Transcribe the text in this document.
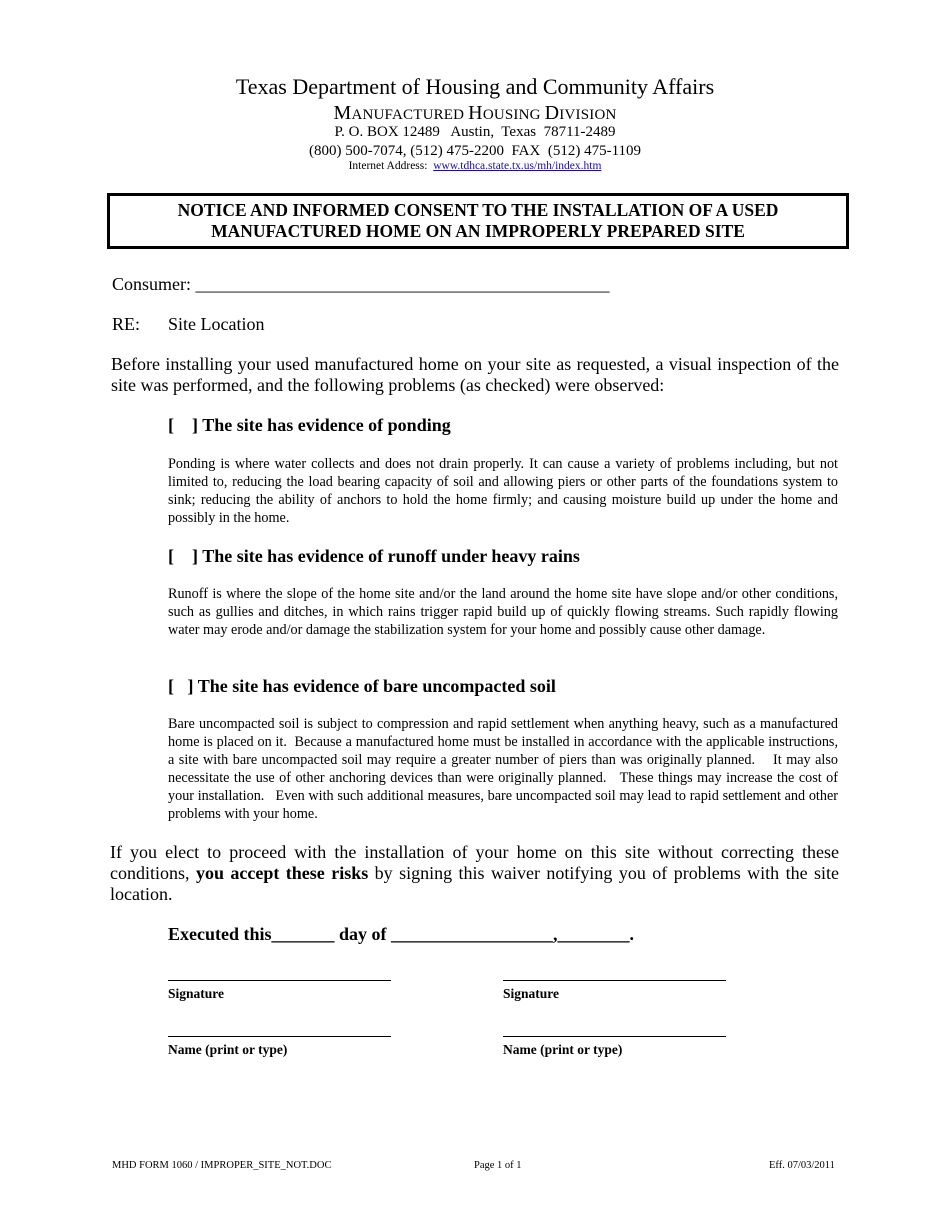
Texas Department of Housing and Community Affairs
MANUFACTURED HOUSING DIVISION
P. O. BOX 12489   Austin,  Texas  78711-2489
(800) 500-7074, (512) 475-2200  FAX  (512) 475-1109
Internet Address: www.tdhca.state.tx.us/mh/index.htm
NOTICE AND INFORMED CONSENT TO THE INSTALLATION OF A USED
MANUFACTURED HOME ON AN IMPROPERLY PREPARED SITE
Consumer: ______________________________________________
RE: Site Location
Before installing your used manufactured home on your site as requested, a visual inspection of the site was performed, and the following problems (as checked) were observed:
[    ] The site has evidence of ponding
Ponding is where water collects and does not drain properly. It can cause a variety of problems including, but not limited to, reducing the load bearing capacity of soil and allowing piers or other parts of the foundations system to sink; reducing the ability of anchors to hold the home firmly; and causing moisture build up under the home and possibly in the home.
[    ] The site has evidence of runoff under heavy rains
Runoff is where the slope of the home site and/or the land around the home site have slope and/or other conditions, such as gullies and ditches, in which rains trigger rapid build up of quickly flowing streams. Such rapidly flowing water may erode and/or damage the stabilization system for your home and possibly cause other damage.
[   ] The site has evidence of bare uncompacted soil
Bare uncompacted soil is subject to compression and rapid settlement when anything heavy, such as a manufactured home is placed on it.  Because a manufactured home must be installed in accordance with the applicable instructions, a site with bare uncompacted soil may require a greater number of piers than was originally planned.    It may also necessitate the use of other anchoring devices than were originally planned.   These things may increase the cost of your installation.   Even with such additional measures, bare uncompacted soil may lead to rapid settlement and other problems with your home.
If you elect to proceed with the installation of your home on this site without correcting these conditions, you accept these risks by signing this waiver notifying you of problems with the site location.
Executed this_______ day of __________________,________.
Signature	Signature
Name (print or type)	Name (print or type)
MHD FORM 1060 / IMPROPER_SITE_NOT.DOC	Page 1 of 1	Eff. 07/03/2011
